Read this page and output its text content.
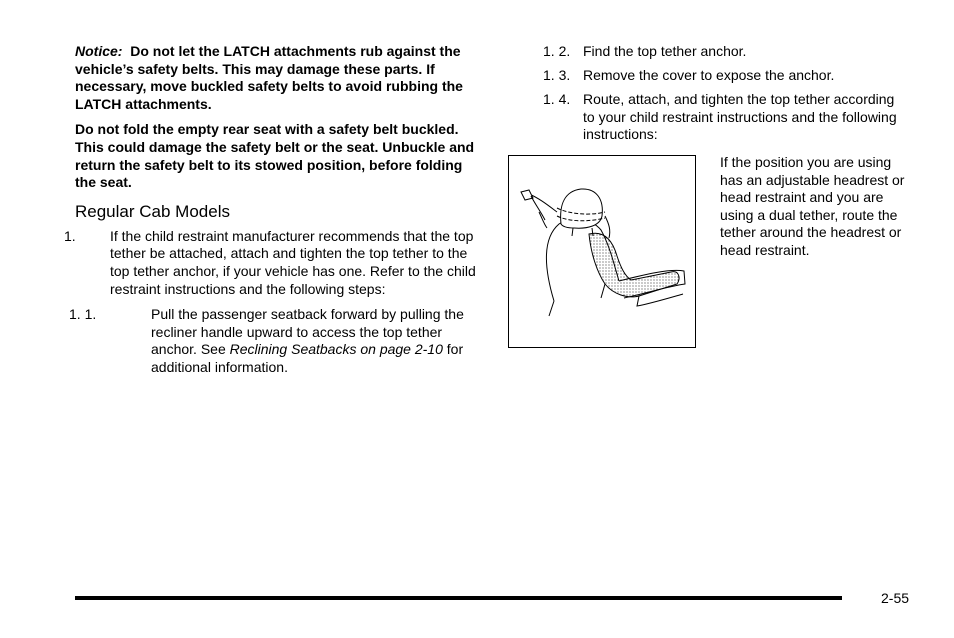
Notice: Do not let the LATCH attachments rub against the vehicle’s safety belts. This may damage these parts. If necessary, move buckled safety belts to avoid rubbing the LATCH attachments.

Do not fold the empty rear seat with a safety belt buckled. This could damage the safety belt or the seat. Unbuckle and return the safety belt to its stowed position, before folding the seat.

Regular Cab Models
1. If the child restraint manufacturer recommends that the top tether be attached, attach and tighten the top tether to the top tether anchor, if your vehicle has one. Refer to the child restraint instructions and the following steps:
1. 1.	Pull the passenger seatback forward by pulling the recliner handle upward to access the top tether anchor. See Reclining Seatbacks on page 2-10 for additional information.
1. 2. Find the top tether anchor.
1. 3. Remove the cover to expose the anchor.
1. 4. Route, attach, and tighten the top tether according to your child restraint instructions and the following instructions:
If the position you are using has an adjustable headrest or head restraint and you are using a dual tether, route the tether around the headrest or head restraint.
2-55
